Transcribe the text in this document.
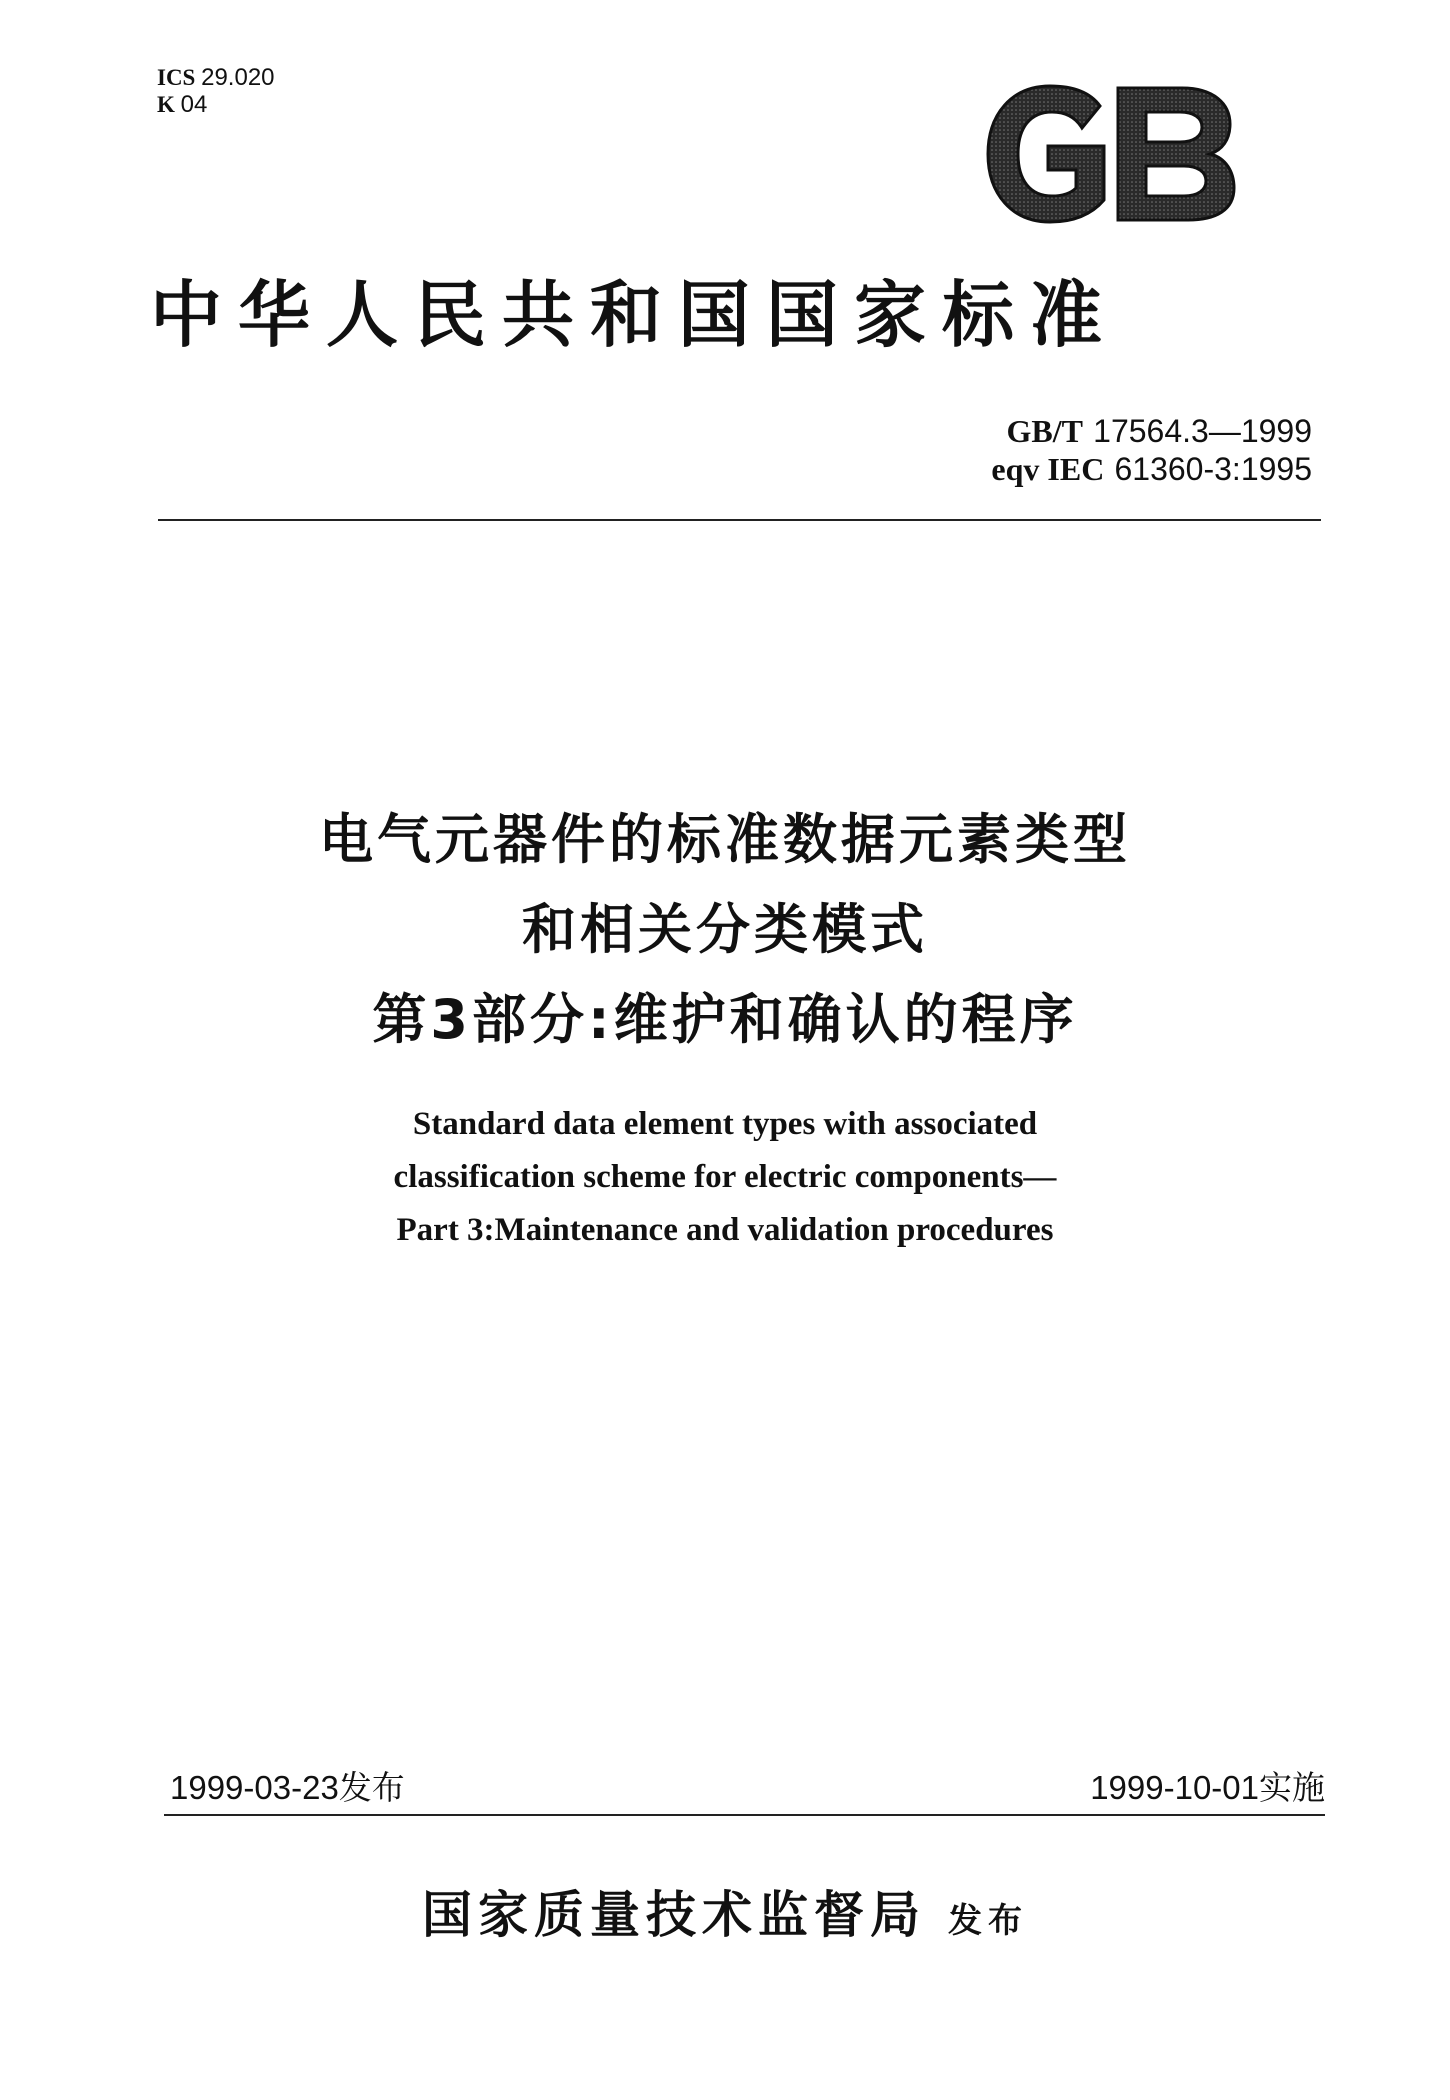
ICS 29.020
K 04
GB
中华人民共和国国家标准
GB/T 17564.3—1999
eqv IEC 61360-3:1995
电气元器件的标准数据元素类型
和相关分类模式
第3部分:维护和确认的程序
Standard data element types with associated
classification scheme for electric components—
Part 3:Maintenance and validation procedures
1999-03-23发布	1999-10-01实施
国家质量技术监督局 发布
